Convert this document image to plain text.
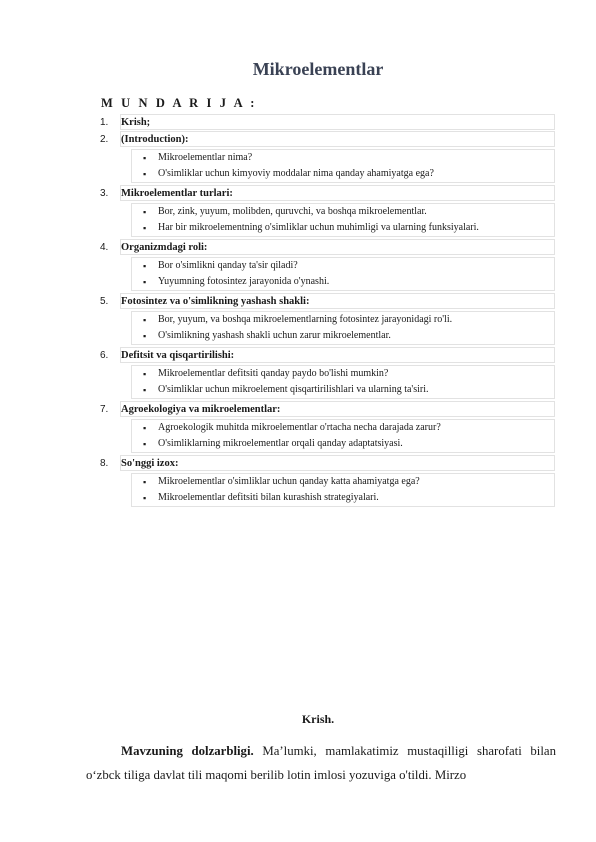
Mikroelementlar
M U N D A R I J A :
1.	Krish;
2.	(Introduction):
▪ Mikroelementlar nima?
▪ O'simliklar uchun kimyoviy moddalar nima qanday ahamiyatga ega?
3.	Mikroelementlar turlari:
▪ Bor, zink, yuyum, molibden, quruvchi, va boshqa mikroelementlar.
▪ Har bir mikroelementning o'simliklar uchun muhimligi va ularning funksiyalari.
4.	Organizmdagi roli:
▪ Bor o'simlikni qanday ta'sir qiladi?
▪ Yuyumning fotosintez jarayonida o'ynashi.
5.	Fotosintez va o'simlikning yashash shakli:
▪ Bor, yuyum, va boshqa mikroelementlarning fotosintez jarayonidagi ro'li.
▪ O'simlikning yashash shakli uchun zarur mikroelementlar.
6.	Defitsit va qisqartirilishi:
▪ Mikroelementlar defitsiti qanday paydo bo'lishi mumkin?
▪ O'simliklar uchun mikroelement qisqartirilishlari va ularning ta'siri.
7.	Agroekologiya va mikroelementlar:
▪ Agroekologik muhitda mikroelementlar o'rtacha necha darajada zarur?
▪ O'simliklarning mikroelementlar orqali qanday adaptatsiyasi.
8.	So'nggi izox:
▪ Mikroelementlar o'simliklar uchun qanday katta ahamiyatga ega?
▪ Mikroelementlar defitsiti bilan kurashish strategiyalari.
Krish.
Mavzuning dolzarbligi. Ma’lumki, mamlakatimiz mustaqilligi sharofati bilan o‘zbck tiliga davlat tili maqomi berilib lotin imlosi yozuviga o'tildi. Mirzo
